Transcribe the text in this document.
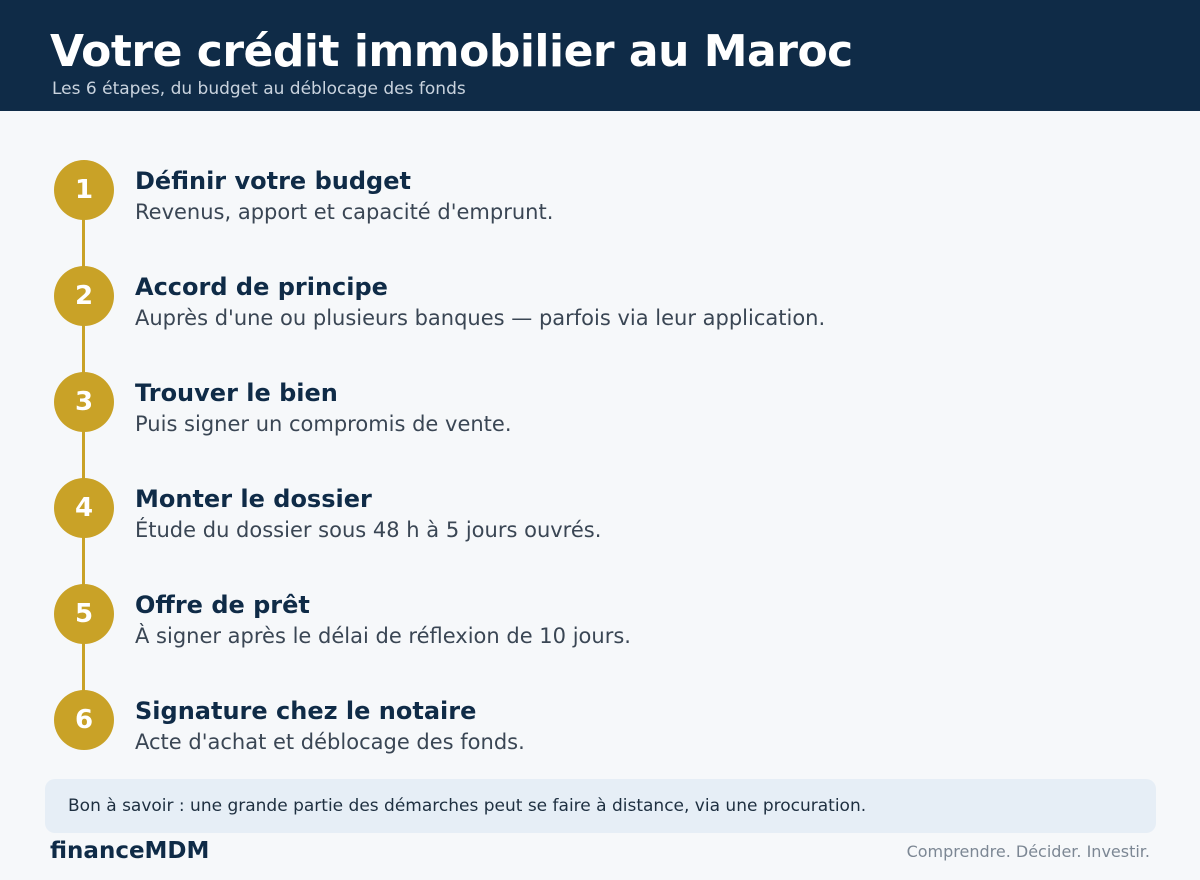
Votre crédit immobilier au Maroc
Les 6 étapes, du budget au déblocage des fonds
1	Définir votre budget
Revenus, apport et capacité d'emprunt.
2	Accord de principe
Auprès d'une ou plusieurs banques — parfois via leur application.
3	Trouver le bien
Puis signer un compromis de vente.
4	Monter le dossier
Étude du dossier sous 48 h à 5 jours ouvrés.
5	Offre de prêt
À signer après le délai de réflexion de 10 jours.
6	Signature chez le notaire
Acte d'achat et déblocage des fonds.
Bon à savoir : une grande partie des démarches peut se faire à distance, via une procuration.
financeMDM	Comprendre. Décider. Investir.
